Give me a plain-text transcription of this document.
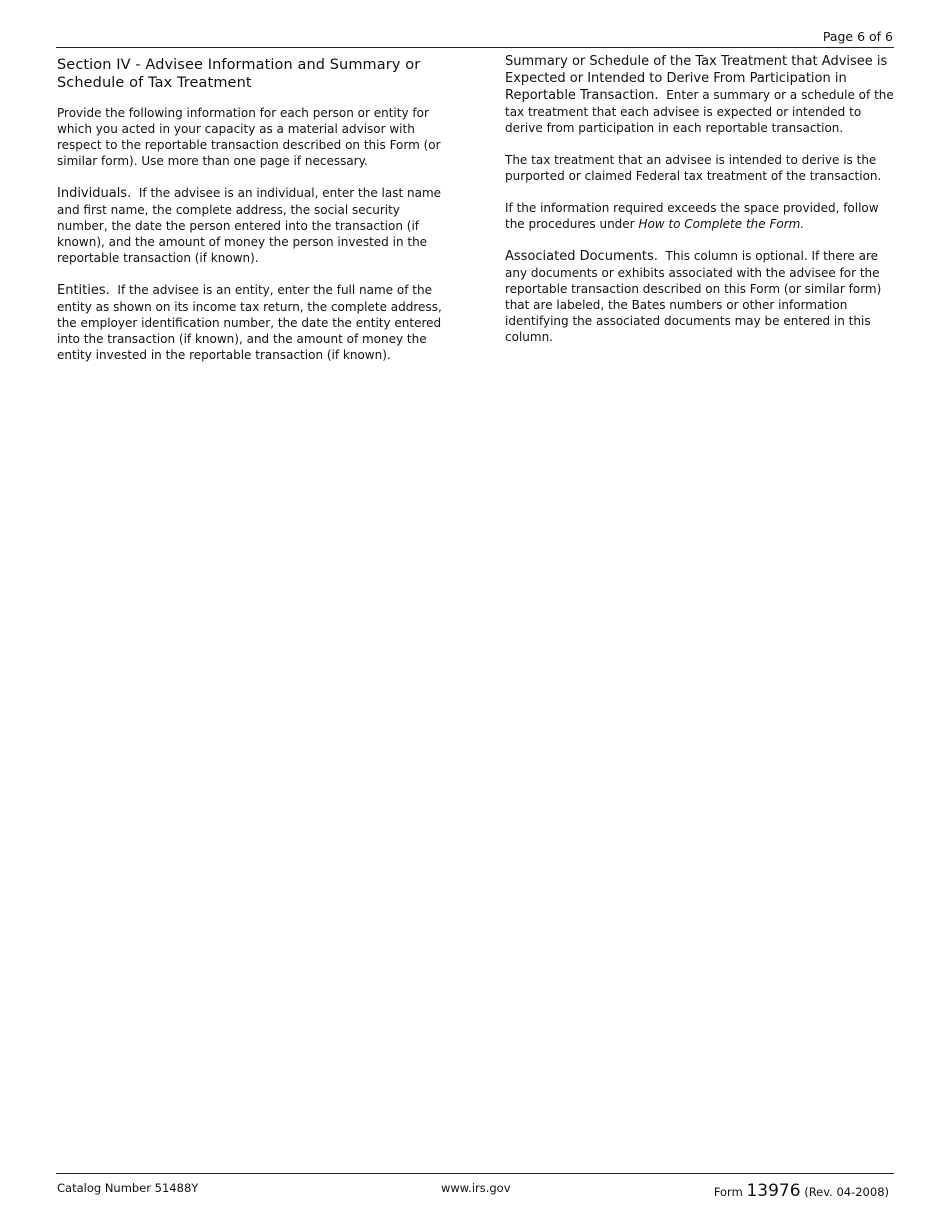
Page 6 of 6
Section IV - Advisee Information and Summary or Schedule of Tax Treatment

Provide the following information for each person or entity for which you acted in your capacity as a material advisor with respect to the reportable transaction described on this Form (or similar form). Use more than one page if necessary.

Individuals. If the advisee is an individual, enter the last name and first name, the complete address, the social security number, the date the person entered into the transaction (if known), and the amount of money the person invested in the reportable transaction (if known).

Entities. If the advisee is an entity, enter the full name of the entity as shown on its income tax return, the complete address, the employer identification number, the date the entity entered into the transaction (if known), and the amount of money the entity invested in the reportable transaction (if known).

Summary or Schedule of the Tax Treatment that Advisee is Expected or Intended to Derive From Participation in Reportable Transaction. Enter a summary or a schedule of the tax treatment that each advisee is expected or intended to derive from participation in each reportable transaction.

The tax treatment that an advisee is intended to derive is the purported or claimed Federal tax treatment of the transaction.

If the information required exceeds the space provided, follow the procedures under How to Complete the Form.

Associated Documents. This column is optional. If there are any documents or exhibits associated with the advisee for the reportable transaction described on this Form (or similar form) that are labeled, the Bates numbers or other information identifying the associated documents may be entered in this column.

Catalog Number 51488Y	www.irs.gov	Form 13976 (Rev. 04-2008)
